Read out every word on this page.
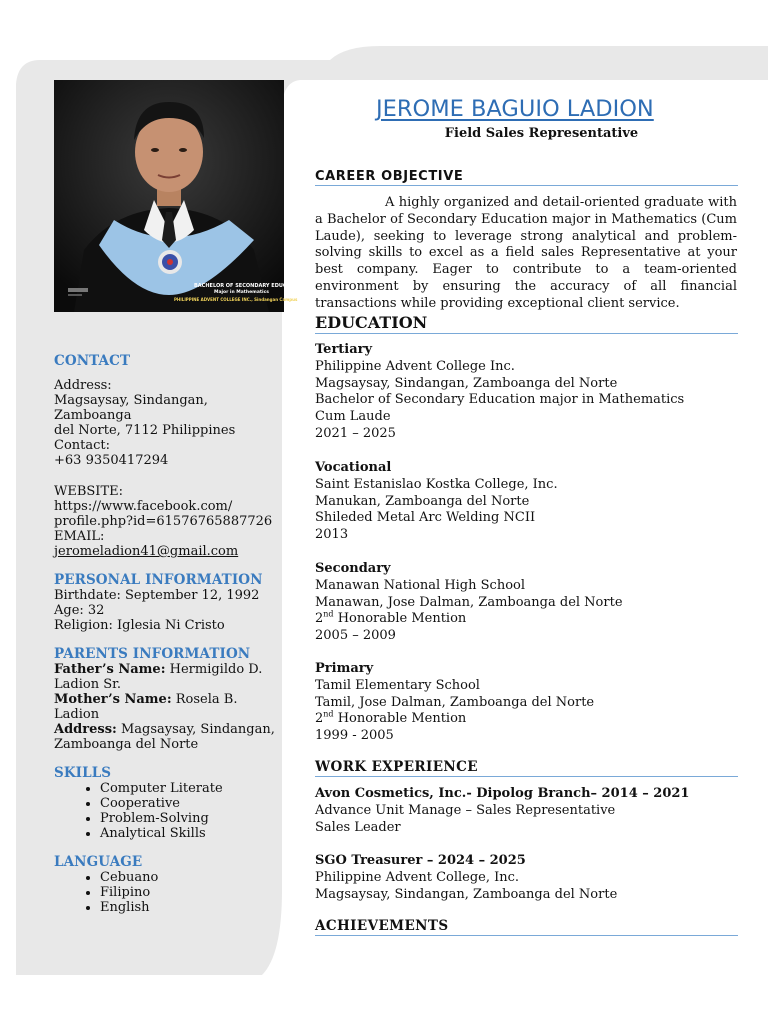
BACHELOR OF SECONDARY EDUCATION
Major in Mathematics
PHILIPPINE ADVENT COLLEGE INC., Sindangan Campus
CONTACT
Address:
Magsaysay, Sindangan, Zamboanga
del Norte, 7112 Philippines
Contact:
+63 9350417294
WEBSITE:
https://www.facebook.com/
profile.php?id=61576765887726
EMAIL: jeromeladion41@gmail.com
PERSONAL INFORMATION
Birthdate: September 12, 1992
Age: 32
Religion: Iglesia Ni Cristo
PARENTS INFORMATION
Father’s Name: Hermigildo D.
Ladion Sr.
Mother’s Name: Rosela B. Ladion
Address: Magsaysay, Sindangan,
Zamboanga del Norte
SKILLS
• Computer Literate
• Cooperative
• Problem-Solving
• Analytical Skills
LANGUAGE
• Cebuano
• Filipino
• English
JEROME BAGUIO LADION
Field Sales Representative
CAREER OBJECTIVE
A highly organized and detail-oriented graduate with a Bachelor of Secondary Education major in Mathematics (Cum Laude), seeking to leverage strong analytical and problem-solving skills to excel as a field sales Representative at your best company. Eager to contribute to a team-oriented environment by ensuring the accuracy of all financial transactions while providing exceptional client service.
EDUCATION
Tertiary
Philippine Advent College Inc.
Magsaysay, Sindangan, Zamboanga del Norte
Bachelor of Secondary Education major in Mathematics
Cum Laude
2021 – 2025
Vocational
Saint Estanislao Kostka College, Inc.
Manukan, Zamboanga del Norte
Shileded Metal Arc Welding NCII
2013
Secondary
Manawan National High School
Manawan, Jose Dalman, Zamboanga del Norte
2nd Honorable Mention
2005 – 2009
Primary
Tamil Elementary School
Tamil, Jose Dalman, Zamboanga del Norte
2nd Honorable Mention
1999 - 2005
WORK EXPERIENCE
Avon Cosmetics, Inc.- Dipolog Branch– 2014 – 2021
Advance Unit Manage – Sales Representative
Sales Leader
SGO Treasurer – 2024 – 2025
Philippine Advent College, Inc.
Magsaysay, Sindangan, Zamboanga del Norte
ACHIEVEMENTS
